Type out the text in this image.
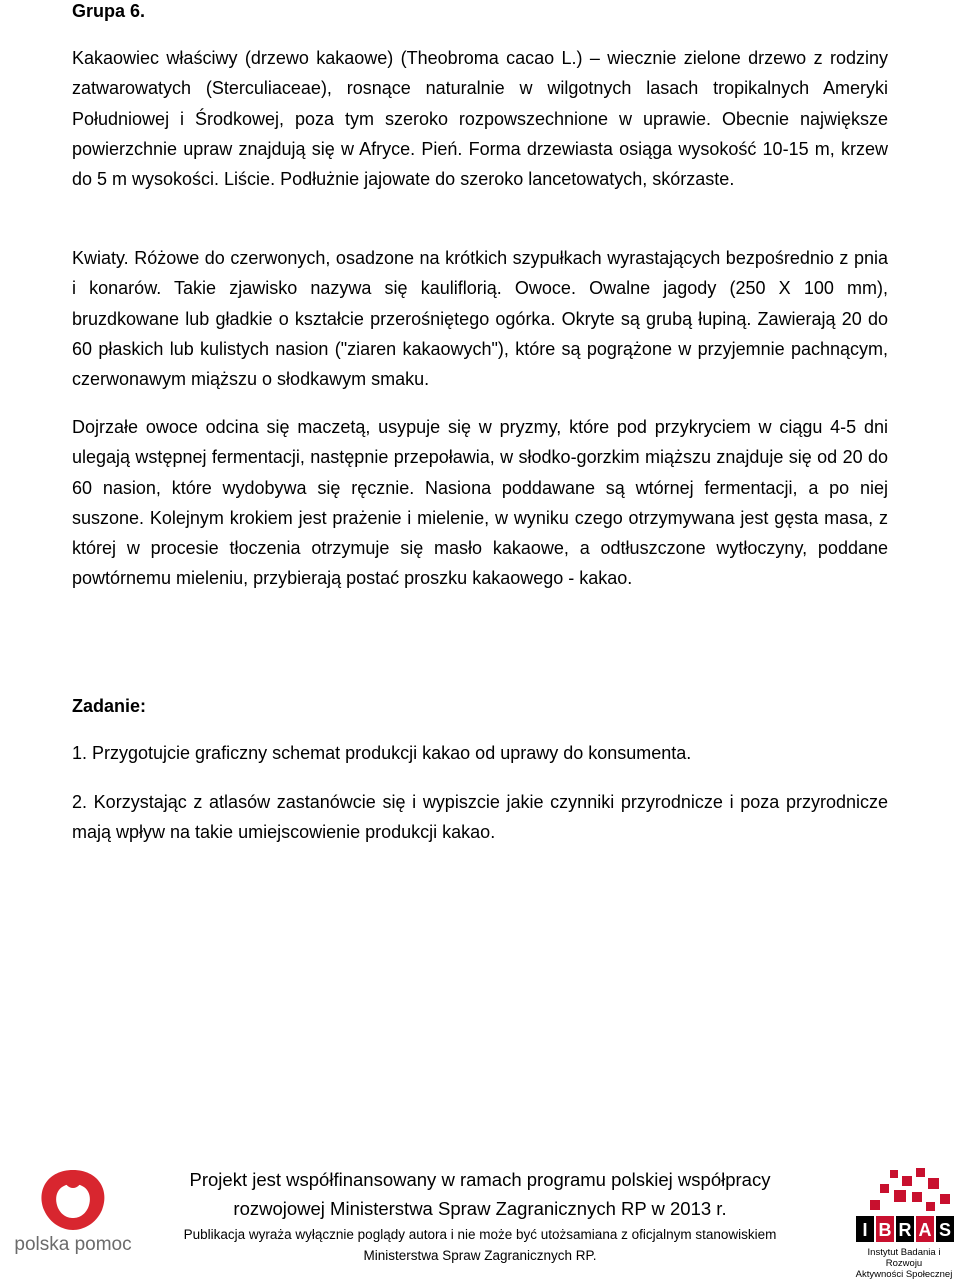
Grupa 6.

Kakaowiec właściwy (drzewo kakaowe) (Theobroma cacao L.) – wiecznie zielone drzewo z rodziny zatwarowatych (Sterculiaceae), rosnące naturalnie w wilgotnych lasach tropikalnych Ameryki Południowej i Środkowej, poza tym szeroko rozpowszechnione w uprawie. Obecnie największe powierzchnie upraw znajdują się w Afryce. Pień. Forma drzewiasta osiąga wysokość 10-15 m, krzew do 5 m wysokości. Liście. Podłużnie jajowate do szeroko lancetowatych, skórzaste.

Kwiaty. Różowe do czerwonych, osadzone na krótkich szypułkach wyrastających bezpośrednio z pnia i konarów. Takie zjawisko nazywa się kauliflorią. Owoce. Owalne jagody (250 X 100 mm), bruzdkowane lub gładkie o kształcie przerośniętego ogórka. Okryte są grubą łupiną. Zawierają 20 do 60 płaskich lub kulistych nasion ("ziaren kakaowych"), które są pogrążone w przyjemnie pachnącym, czerwonawym miąższu o słodkawym smaku.

Dojrzałe owoce odcina się maczetą, usypuje się w pryzmy, które pod przykryciem w ciągu 4-5 dni ulegają wstępnej fermentacji, następnie przepoławia, w słodko-gorzkim miąższu znajduje się od 20 do 60 nasion, które wydobywa się ręcznie. Nasiona poddawane są wtórnej fermentacji, a po niej suszone. Kolejnym krokiem jest prażenie i mielenie, w wyniku czego otrzymywana jest gęsta masa, z której w procesie tłoczenia otrzymuje się masło kakaowe, a odtłuszczone wytłoczyny, poddane powtórnemu mieleniu, przybierają postać proszku kakaowego - kakao.

Zadanie:

1. Przygotujcie graficzny schemat produkcji kakao od uprawy do konsumenta.

2. Korzystając z atlasów zastanówcie się i wypiszcie jakie czynniki przyrodnicze i poza przyrodnicze mają wpływ na takie umiejscowienie produkcji kakao.

polska pomoc
Projekt jest współfinansowany w ramach programu polskiej współpracy
rozwojowej Ministerstwa Spraw Zagranicznych RP w 2013 r.
Publikacja wyraża wyłącznie poglądy autora i nie może być utożsamiana z oficjalnym stanowiskiem
Ministerstwa Spraw Zagranicznych RP.
I B R A S
Instytut Badania i Rozwoju
Aktywności Społecznej
